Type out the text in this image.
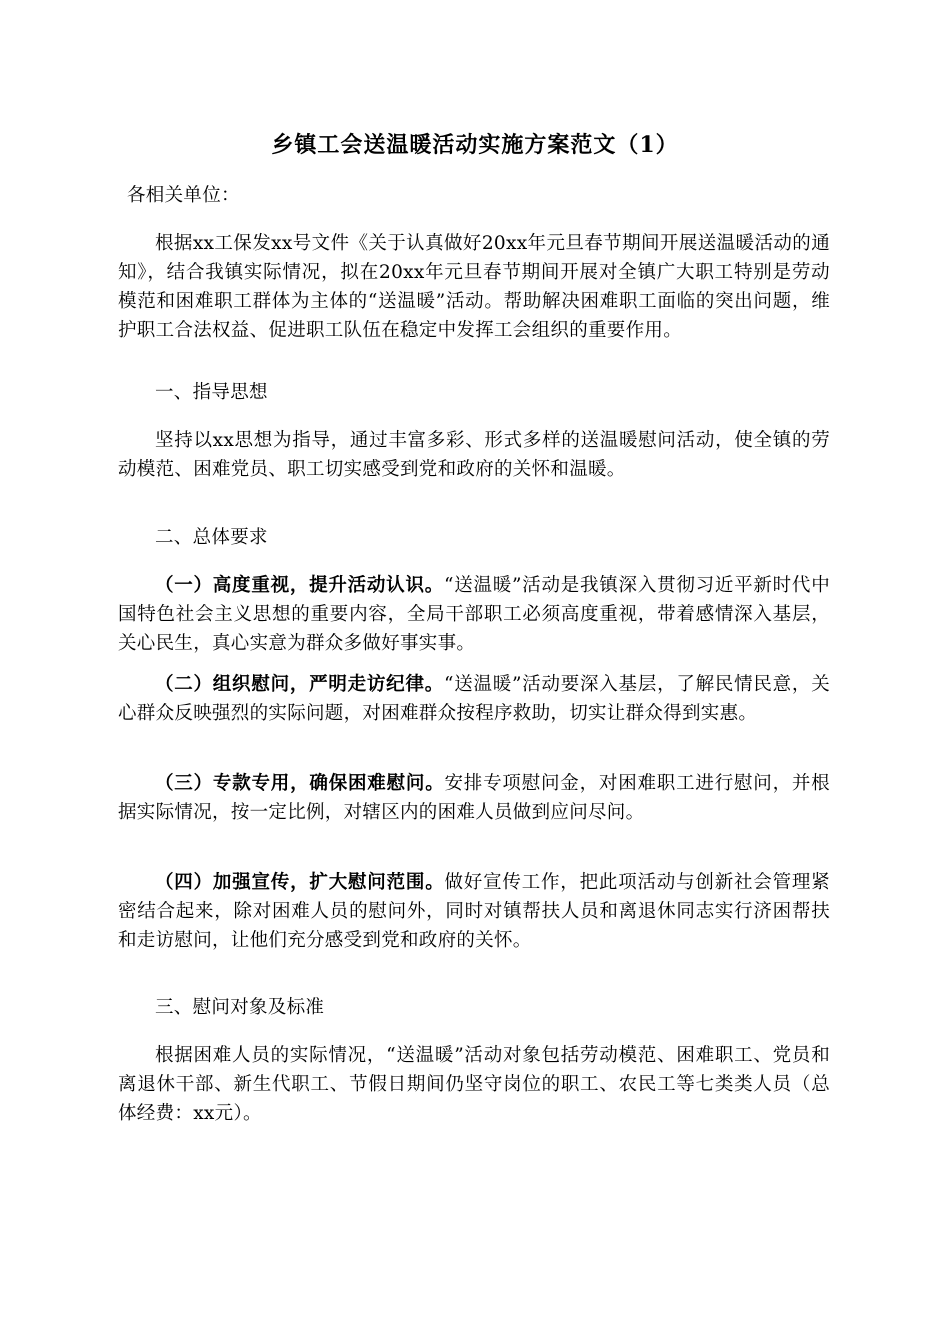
乡镇工会送温暖活动实施方案范文（1）
各相关单位：
根据xx工保发xx号文件《关于认真做好20xx年元旦春节期间开展送温暖活动的通知》，结合我镇实际情况，拟在20xx年元旦春节期间开展对全镇广大职工特别是劳动模范和困难职工群体为主体的“送温暖”活动。帮助解决困难职工面临的突出问题，维护职工合法权益、促进职工队伍在稳定中发挥工会组织的重要作用。
一、指导思想
坚持以xx思想为指导，通过丰富多彩、形式多样的送温暖慰问活动，使全镇的劳动模范、困难党员、职工切实感受到党和政府的关怀和温暖。
二、总体要求
（一）高度重视，提升活动认识。“送温暖”活动是我镇深入贯彻习近平新时代中国特色社会主义思想的重要内容，全局干部职工必须高度重视，带着感情深入基层，关心民生，真心实意为群众多做好事实事。
（二）组织慰问，严明走访纪律。“送温暖”活动要深入基层，了解民情民意，关心群众反映强烈的实际问题，对困难群众按程序救助，切实让群众得到实惠。
（三）专款专用，确保困难慰问。安排专项慰问金，对困难职工进行慰问，并根据实际情况，按一定比例，对辖区内的困难人员做到应问尽问。
（四）加强宣传，扩大慰问范围。做好宣传工作，把此项活动与创新社会管理紧密结合起来，除对困难人员的慰问外，同时对镇帮扶人员和离退休同志实行济困帮扶和走访慰问，让他们充分感受到党和政府的关怀。
三、慰问对象及标准
根据困难人员的实际情况，“送温暖”活动对象包括劳动模范、困难职工、党员和离退休干部、新生代职工、节假日期间仍坚守岗位的职工、农民工等七类类人员（总体经费：xx元）。
